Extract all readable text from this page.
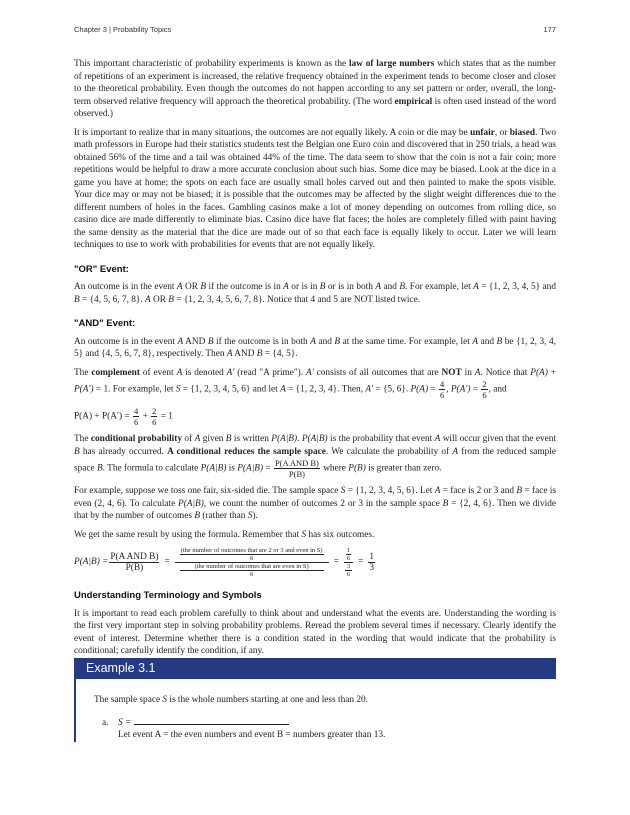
Chapter 3 | Probability Topics	177

This important characteristic of probability experiments is known as the law of large numbers which states that as the number of repetitions of an experiment is increased, the relative frequency obtained in the experiment tends to become closer and closer to the theoretical probability. Even though the outcomes do not happen according to any set pattern or order, overall, the long-term observed relative frequency will approach the theoretical probability. (The word empirical is often used instead of the word observed.)

It is important to realize that in many situations, the outcomes are not equally likely. A coin or die may be unfair, or biased. Two math professors in Europe had their statistics students test the Belgian one Euro coin and discovered that in 250 trials, a head was obtained 56% of the time and a tail was obtained 44% of the time. The data seem to show that the coin is not a fair coin; more repetitions would be helpful to draw a more accurate conclusion about such bias. Some dice may be biased. Look at the dice in a game you have at home; the spots on each face are usually small holes carved out and then painted to make the spots visible. Your dice may or may not be biased; it is possible that the outcomes may be affected by the slight weight differences due to the different numbers of holes in the faces. Gambling casinos make a lot of money depending on outcomes from rolling dice, so casino dice are made differently to eliminate bias. Casino dice have flat faces; the holes are completely filled with paint having the same density as the material that the dice are made out of so that each face is equally likely to occur. Later we will learn techniques to use to work with probabilities for events that are not equally likely.

"OR" Event:

An outcome is in the event A OR B if the outcome is in A or is in B or is in both A and B. For example, let A = {1, 2, 3, 4, 5} and B = {4, 5, 6, 7, 8}. A OR B = {1, 2, 3, 4, 5, 6, 7, 8}. Notice that 4 and 5 are NOT listed twice.

"AND" Event:

An outcome is in the event A AND B if the outcome is in both A and B at the same time. For example, let A and B be {1, 2, 3, 4, 5} and {4, 5, 6, 7, 8}, respectively. Then A AND B = {4, 5}.

The complement of event A is denoted A′ (read "A prime"). A′ consists of all outcomes that are NOT in A. Notice that P(A) + P(A′) = 1. For example, let S = {1, 2, 3, 4, 5, 6} and let A = {1, 2, 3, 4}. Then, A′ = {5, 6}. $P(A) = \frac{4}{6}$ , $P(A') = \frac{2}{6}$ , and

$P(A) + P(A') = \frac{4}{6} + \frac{2}{6} = 1$

The conditional probability of A given B is written P(A|B). P(A|B) is the probability that event A will occur given that the event B has already occurred. A conditional reduces the sample space. We calculate the probability of A from the reduced sample space B. The formula to calculate P(A|B) is $P(A|B) = \frac{\text{P(A AND B)}}{P(B)}$ where P(B) is greater than zero.

For example, suppose we toss one fair, six-sided die. The sample space S = {1, 2, 3, 4, 5, 6}. Let A = face is 2 or 3 and B = face is even (2, 4, 6). To calculate P(A|B), we count the number of outcomes 2 or 3 in the sample space B = {2, 4, 6}. Then we divide that by the number of outcomes B (rather than S).

We get the same result by using the formula. Remember that S has six outcomes.

$P(A|B) = \frac{\text{P(A AND B)}}{P(B)} = (the$ number of outcomes that are 2 or 3 and even in S)
6
(the number of outcomes that are even in S)
6 = 1
6
3
$6 = \frac{1}{3}$
Understanding Terminology and Symbols

It is important to read each problem carefully to think about and understand what the events are. Understanding the wording is the first very important step in solving probability problems. Reread the problem several times if necessary. Clearly identify the event of interest. Determine whether there is a condition stated in the wording that would indicate that the probability is conditional; carefully identify the condition, if any.

Example 3.1
The sample space S is the whole numbers starting at one and less than 20.
a. S =
Let event A = the even numbers and event B = numbers greater than 13.
